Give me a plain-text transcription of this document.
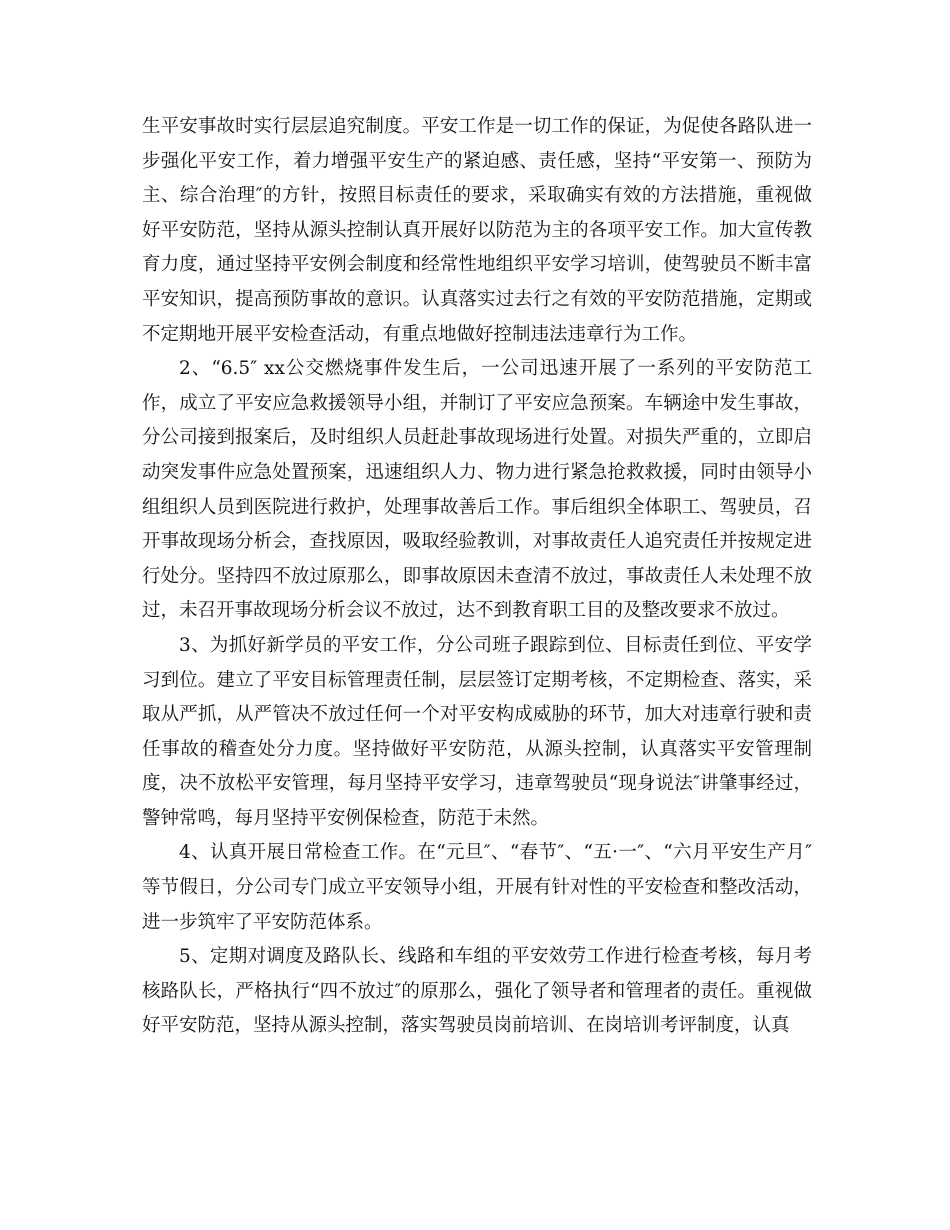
生平安事故时实行层层追究制度。平安工作是一切工作的保证，为促使各路队进一步强化平安工作，着力增强平安生产的紧迫感、责任感，坚持“平安第一、预防为主、综合治理″的方针，按照目标责任的要求，采取确实有效的方法措施，重视做好平安防范，坚持从源头控制认真开展好以防范为主的各项平安工作。加大宣传教育力度，通过坚持平安例会制度和经常性地组织平安学习培训，使驾驶员不断丰富平安知识，提高预防事故的意识。认真落实过去行之有效的平安防范措施，定期或不定期地开展平安检查活动，有重点地做好控制违法违章行为工作。

2、“6.5″ xx公交燃烧事件发生后，一公司迅速开展了一系列的平安防范工作，成立了平安应急救援领导小组，并制订了平安应急预案。车辆途中发生事故，分公司接到报案后，及时组织人员赶赴事故现场进行处置。对损失严重的，立即启动突发事件应急处置预案，迅速组织人力、物力进行紧急抢救救援，同时由领导小组组织人员到医院进行救护，处理事故善后工作。事后组织全体职工、驾驶员，召开事故现场分析会，查找原因，吸取经验教训，对事故责任人追究责任并按规定进行处分。坚持四不放过原那么，即事故原因未查清不放过，事故责任人未处理不放过，未召开事故现场分析会议不放过，达不到教育职工目的及整改要求不放过。

3、为抓好新学员的平安工作，分公司班子跟踪到位、目标责任到位、平安学习到位。建立了平安目标管理责任制，层层签订定期考核，不定期检查、落实，采取从严抓，从严管决不放过任何一个对平安构成威胁的环节，加大对违章行驶和责任事故的稽查处分力度。坚持做好平安防范，从源头控制，认真落实平安管理制度，决不放松平安管理，每月坚持平安学习，违章驾驶员“现身说法″讲肇事经过，警钟常鸣，每月坚持平安例保检查，防范于未然。

4、认真开展日常检查工作。在“元旦″、“春节″、“五·一″、“六月平安生产月″等节假日，分公司专门成立平安领导小组，开展有针对性的平安检查和整改活动，进一步筑牢了平安防范体系。

5、定期对调度及路队长、线路和车组的平安效劳工作进行检查考核，每月考核路队长，严格执行“四不放过″的原那么，强化了领导者和管理者的责任。重视做好平安防范，坚持从源头控制，落实驾驶员岗前培训、在岗培训考评制度，认真
